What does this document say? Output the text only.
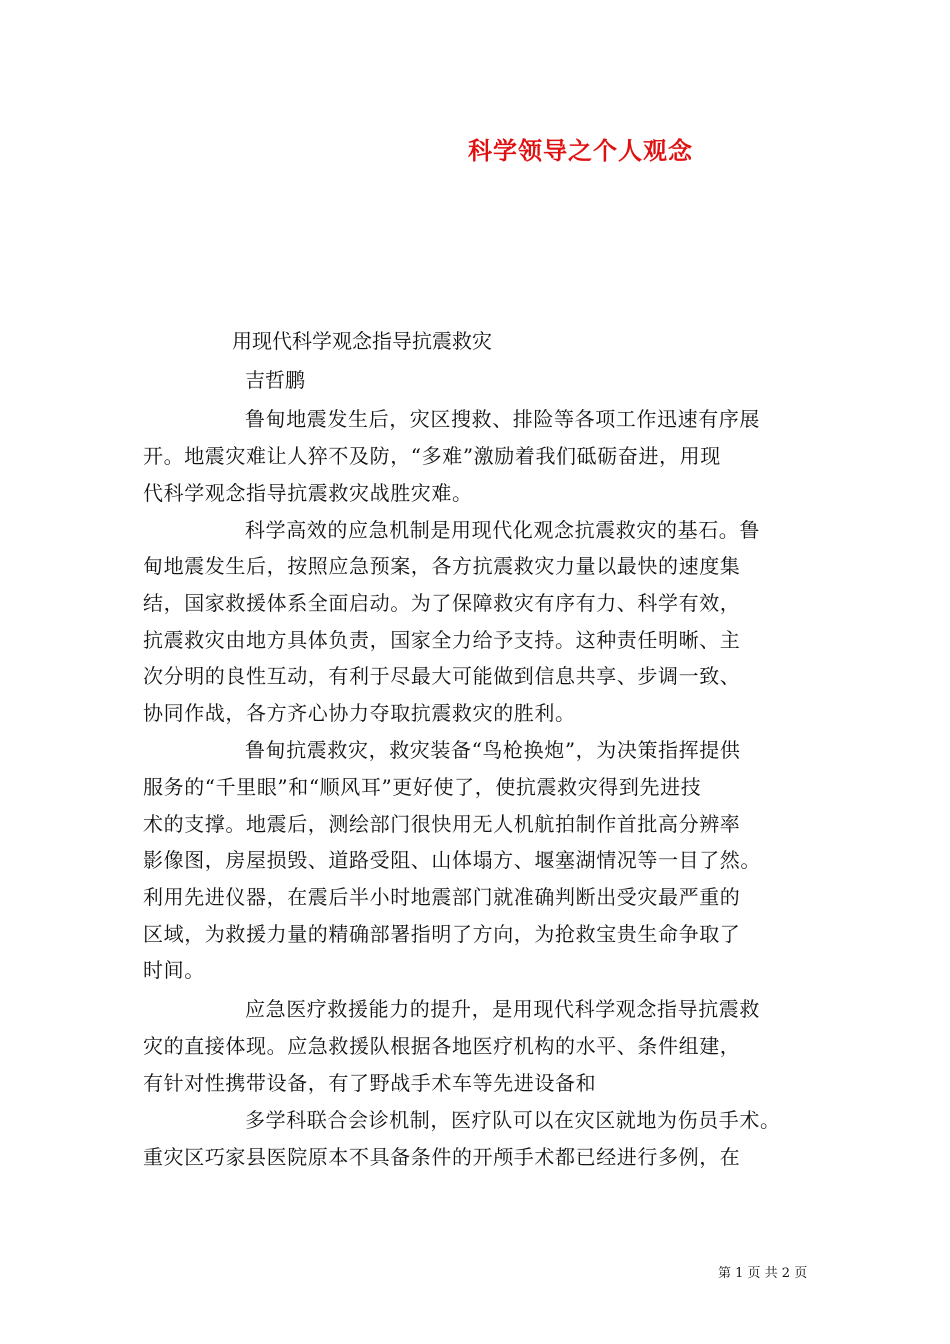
科学领导之个人观念
用现代科学观念指导抗震救灾
吉哲鹏
鲁甸地震发生后，灾区搜救、排险等各项工作迅速有序展
开。地震灾难让人猝不及防，“多难”激励着我们砥砺奋进，用现
代科学观念指导抗震救灾战胜灾难。
科学高效的应急机制是用现代化观念抗震救灾的基石。鲁
甸地震发生后，按照应急预案，各方抗震救灾力量以最快的速度集
结，国家救援体系全面启动。为了保障救灾有序有力、科学有效，
抗震救灾由地方具体负责，国家全力给予支持。这种责任明晰、主
次分明的良性互动，有利于尽最大可能做到信息共享、步调一致、
协同作战，各方齐心协力夺取抗震救灾的胜利。
鲁甸抗震救灾，救灾装备“鸟枪换炮”，为决策指挥提供
服务的“千里眼”和“顺风耳”更好使了，使抗震救灾得到先进技
术的支撑。地震后，测绘部门很快用无人机航拍制作首批高分辨率
影像图，房屋损毁、道路受阻、山体塌方、堰塞湖情况等一目了然。
利用先进仪器，在震后半小时地震部门就准确判断出受灾最严重的
区域，为救援力量的精确部署指明了方向，为抢救宝贵生命争取了
时间。
应急医疗救援能力的提升，是用现代科学观念指导抗震救
灾的直接体现。应急救援队根据各地医疗机构的水平、条件组建，
有针对性携带设备，有了野战手术车等先进设备和
多学科联合会诊机制，医疗队可以在灾区就地为伤员手术。
重灾区巧家县医院原本不具备条件的开颅手术都已经进行多例，在
第 1 页 共 2 页
